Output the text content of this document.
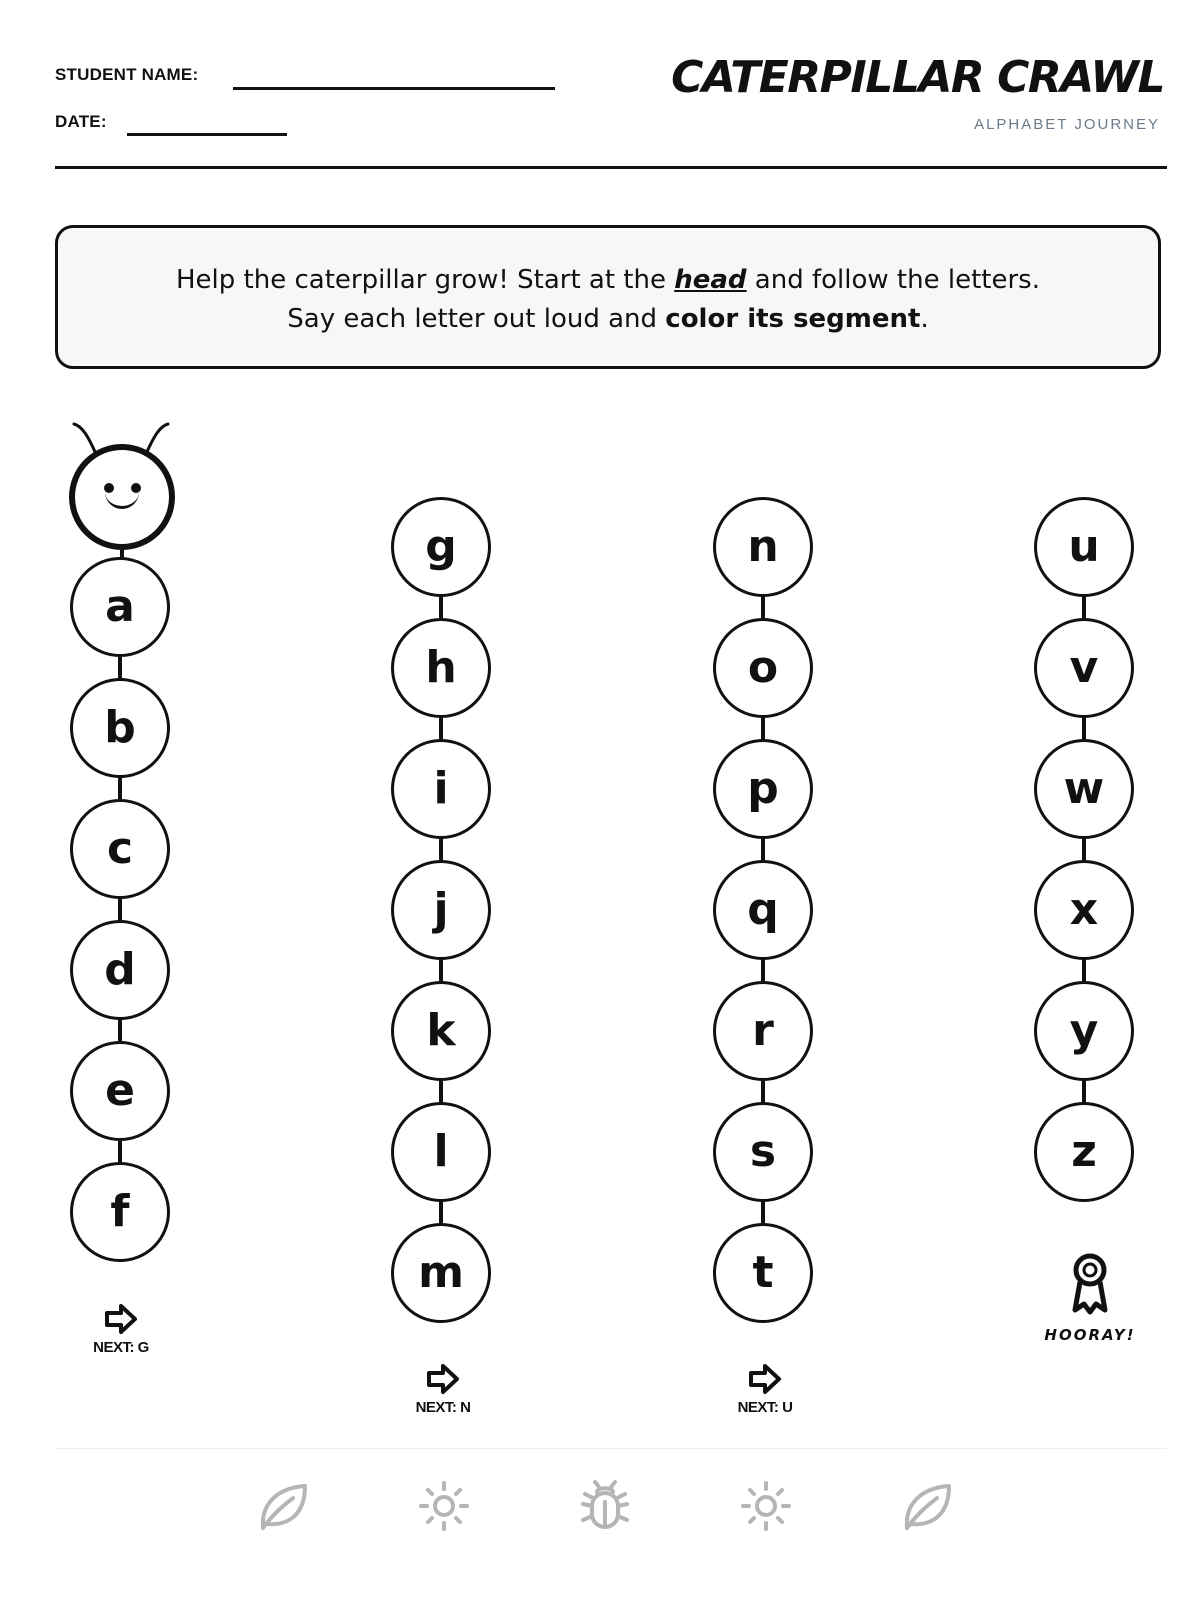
STUDENT NAME:
DATE:
CATERPILLAR CRAWL
ALPHABET JOURNEY
Help the caterpillar grow! Start at the head and follow the letters.
Say each letter out loud and color its segment.
a
b
c
d
e
f
g
h
i
j
k
l
m
n
o
p
q
r
s
t
u
v
w
x
y
z
NEXT: G
NEXT: N	NEXT: U
HOORAY!
